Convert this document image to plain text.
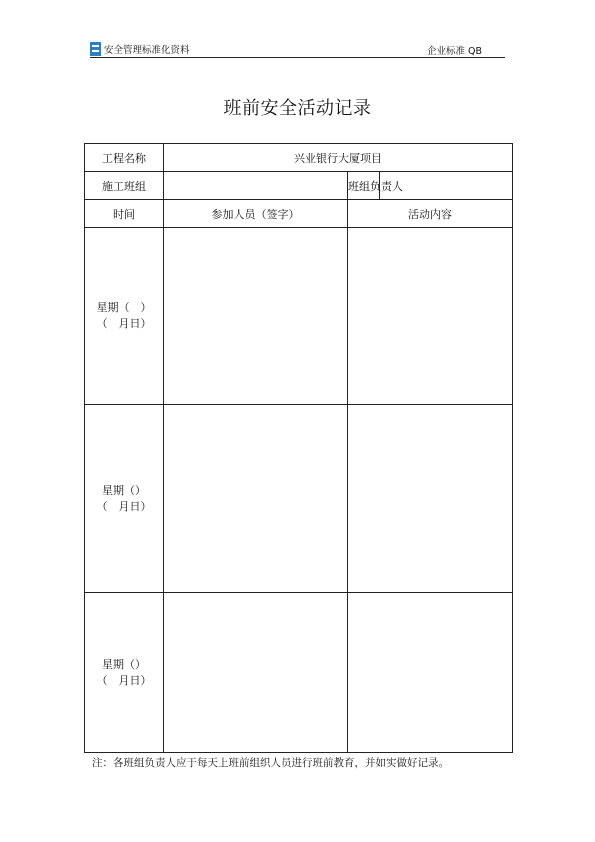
安全管理标准化资料	企业标准 QB
班前安全活动记录
工程名称	兴业银行大厦项目		
施工班组		班组负责人	
时间	参加人员（签字）	活动内容	

星期（　）
（　月日）			

星期（）
（　月日）			

星期（）
（　月日）			

注：各班组负责人应于每天上班前组织人员进行班前教育，并如实做好记录。
